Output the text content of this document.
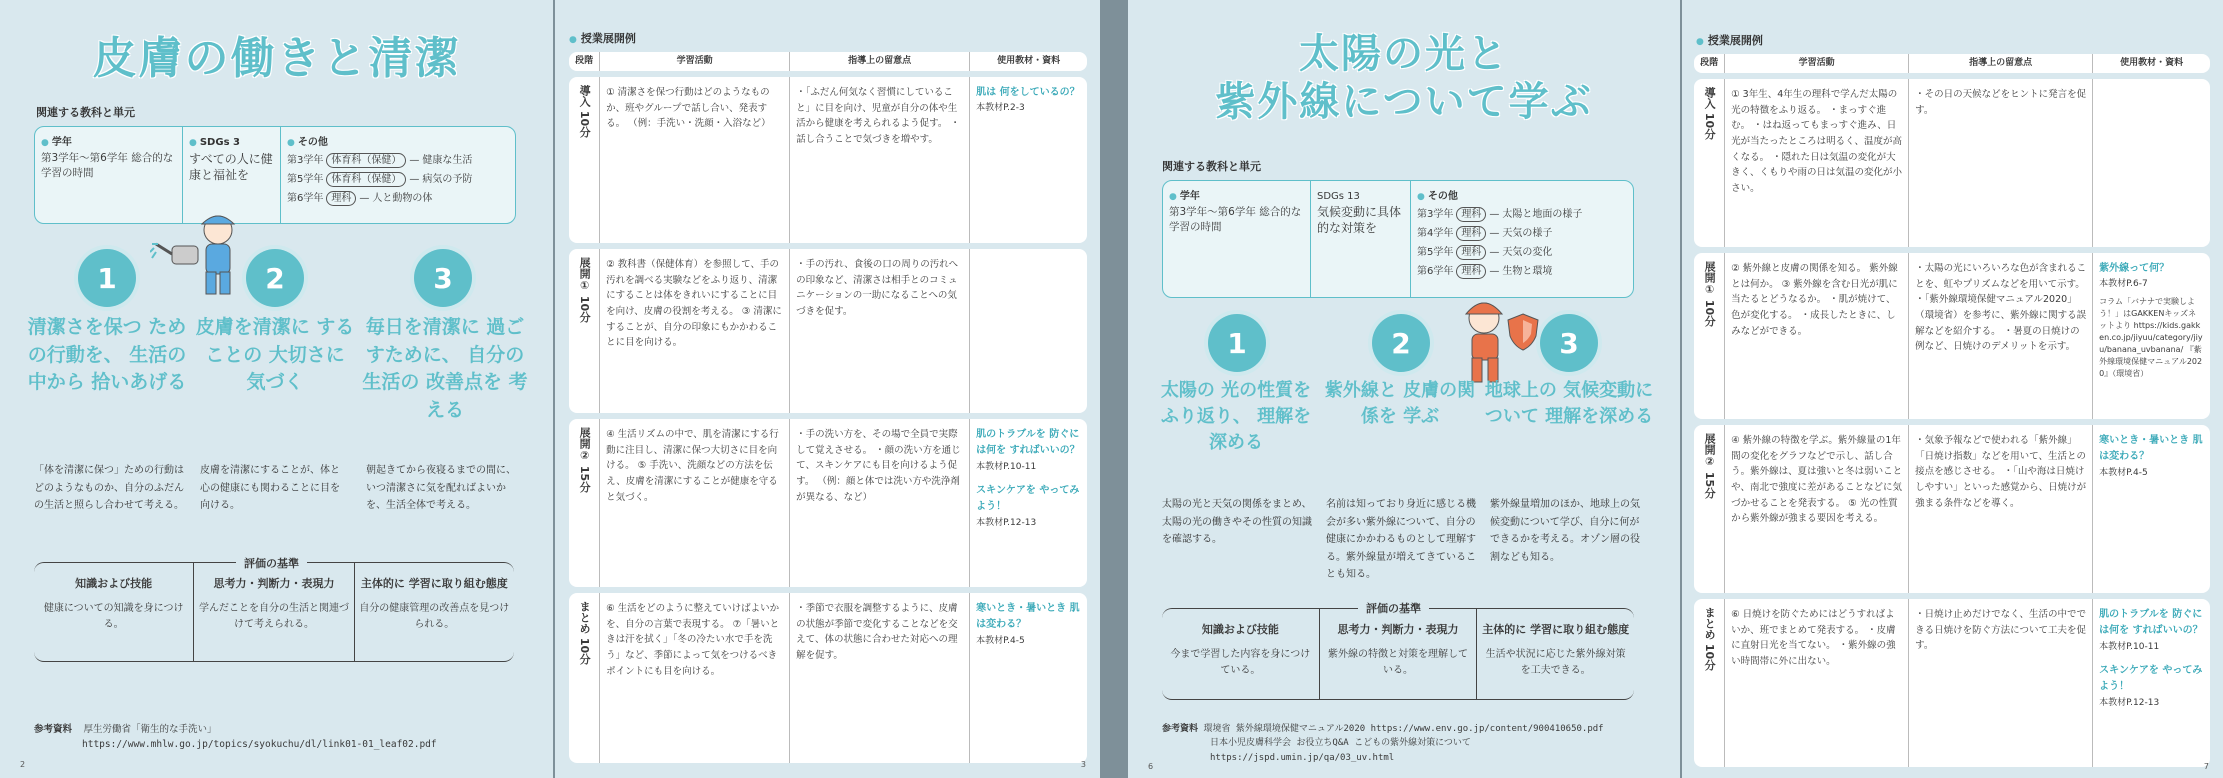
皮膚の働きと清潔
関連する教科と単元
● 学年
第3学年〜第6学年 総合的な学習の時間
● SDGs 3
すべての人に健康と福祉を
● その他
第3学年 体育科（保健） — 健康な生活
第5学年 体育科（保健） — 病気の予防
第6学年 理科 — 人と動物の体
1	2	3
清潔さを保つ ための行動を、 生活の中から 拾いあげる
皮膚を清潔に することの 大切さに 気づく
毎日を清潔に 過ごすために、 自分の生活の 改善点を 考える
「体を清潔に保つ」ための行動はどのようなものか、自分のふだんの生活と照らし合わせて考える。
皮膚を清潔にすることが、体と心の健康にも関わることに目を向ける。
朝起きてから夜寝るまでの間に、いつ清潔さに気を配ればよいかを、生活全体で考える。
知識および技能
健康についての知識を身につける。
思考力・判断力・表現力
学んだことを自分の生活と関連づけて考えられる。
主体的に 学習に取り組む態度
自分の健康管理の改善点を見つけられる。
評価の基準
参考資料 厚生労働省「衛生的な手洗い」
https://www.mhlw.go.jp/topics/syokuchu/dl/link01-01_leaf02.pdf
2
● 授業展開例
段階	学習活動	指導上の留意点	使用教材・資料

導入 10分	① 清潔さを保つ行動はどのようなものか、班やグループで話し合い、発表する。 （例：手洗い・洗顔・入浴など）	・「ふだん何気なく習慣にしていること」に目を向け、児童が自分の体や生活から健康を考えられるよう促す。 ・話し合うことで気づきを増やす。	肌は 何をしているの？
本教材P.2-3

展開① 10分	② 教科書（保健体育）を参照して、手の汚れを調べる実験などをふり返り、清潔にすることは体をきれいにすることに目を向け、皮膚の役割を考える。 ③ 清潔にすることが、自分の印象にもかかわることに目を向ける。	・手の汚れ、食後の口の周りの汚れへの印象など、清潔さは相手とのコミュニケーションの一助になることへの気づきを促す。	

展開② 15分	④ 生活リズムの中で、肌を清潔にする行動に注目し、清潔に保つ大切さに目を向ける。 ⑤ 手洗い、洗顔などの方法を伝え、皮膚を清潔にすることが健康を守ると気づく。	・手の洗い方を、その場で全員で実際して覚えさせる。 ・顔の洗い方を通じて、スキンケアにも目を向けるよう促す。 （例：顔と体では洗い方や洗浄剤が異なる、など）	肌のトラブルを 防ぐには何を すればいいの？
本教材P.10-11
スキンケアを やってみよう！
本教材P.12-13

まとめ 10分	⑥ 生活をどのように整えていけばよいかを、自分の言葉で表現する。 ⑦「暑いときは汗を拭く」「冬の冷たい水で手を洗う」など、季節によって気をつけるべきポイントにも目を向ける。	・季節で衣服を調整するように、皮膚の状態が季節で変化することなどを交えて、体の状態に合わせた対応への理解を促す。	寒いとき・暑いとき 肌は変わる？
本教材P.4-5
3
太陽の光と
紫外線について学ぶ
関連する教科と単元
● 学年
第3学年〜第6学年 総合的な学習の時間
SDGs 13
気候変動に具体的な対策を
● その他
第3学年 理科 — 太陽と地面の様子
第4学年 理科 — 天気の様子
第5学年 理科 — 天気の変化
第6学年 理科 — 生物と環境
1	2	3
太陽の 光の性質を ふり返り、 理解を深める
紫外線と 皮膚の関係を 学ぶ
地球上の 気候変動に ついて 理解を深める
太陽の光と天気の関係をまとめ、太陽の光の働きやその性質の知識を確認する。
名前は知っており身近に感じる機会が多い紫外線について、自分の健康にかかわるものとして理解する。紫外線量が増えてきていることも知る。
紫外線量増加のほか、地球上の気候変動について学び、自分に何ができるかを考える。オゾン層の役割なども知る。
知識および技能
今まで学習した内容を身につけている。
思考力・判断力・表現力
紫外線の特徴と対策を理解している。
主体的に 学習に取り組む態度
生活や状況に応じた紫外線対策を工夫できる。
評価の基準
参考資料 環境省 紫外線環境保健マニュアル2020 https://www.env.go.jp/content/900410650.pdf
日本小児皮膚科学会 お役立ちQ&A こどもの紫外線対策について
https://jspd.umin.jp/qa/03_uv.html
6
● 授業展開例
段階	学習活動	指導上の留意点	使用教材・資料

導入 10分	① 3年生、4年生の理科で学んだ太陽の光の特徴をふり返る。 ・まっすぐ進む。 ・はね返ってもまっすぐ進み、日光が当たったところは明るく、温度が高くなる。 ・隠れた日は気温の変化が大きく、くもりや雨の日は気温の変化が小さい。	・その日の天候などをヒントに発言を促す。	

展開① 10分	② 紫外線と皮膚の関係を知る。 紫外線とは何か。 ③ 紫外線を含む日光が肌に当たるとどうなるか。 ・肌が焼けて、色が変化する。 ・成長したときに、しみなどができる。	・太陽の光にいろいろな色が含まれることを、虹やプリズムなどを用いて示す。 ・「紫外線環境保健マニュアル2020」（環境省）を参考に、紫外線に関する誤解などを紹介する。 ・暑夏の日焼けの例など、日焼けのデメリットを示す。	紫外線って何？
本教材P.6-7
コラム「バナナで実験しよう！」はGAKKENキッズネットより https://kids.gakken.co.jp/jiyuu/category/jiyu/banana_uvbanana/ 『紫外線環境保健マニュアル2020』（環境省）

展開② 15分	④ 紫外線の特徴を学ぶ。紫外線量の1年間の変化をグラフなどで示し、話し合う。紫外線は、夏は強いと冬は弱いことや、南北で強度に差があることなどに気づかせることを発表する。 ⑤ 光の性質から紫外線が強まる要因を考える。	・気象予報などで使われる「紫外線」「日焼け指数」などを用いて、生活との接点を感じさせる。 ・「山や海は日焼けしやすい」といった感覚から、日焼けが強まる条件などを導く。	寒いとき・暑いとき 肌は変わる？
本教材P.4-5

まとめ 10分	⑥ 日焼けを防ぐためにはどうすればよいか、班でまとめて発表する。 ・皮膚に直射日光を当てない。 ・紫外線の強い時間帯に外に出ない。	・日焼け止めだけでなく、生活の中でできる日焼けを防ぐ方法について工夫を促す。	肌のトラブルを 防ぐには何を すればいいの？
本教材P.10-11
スキンケアを やってみよう！
本教材P.12-13
7
